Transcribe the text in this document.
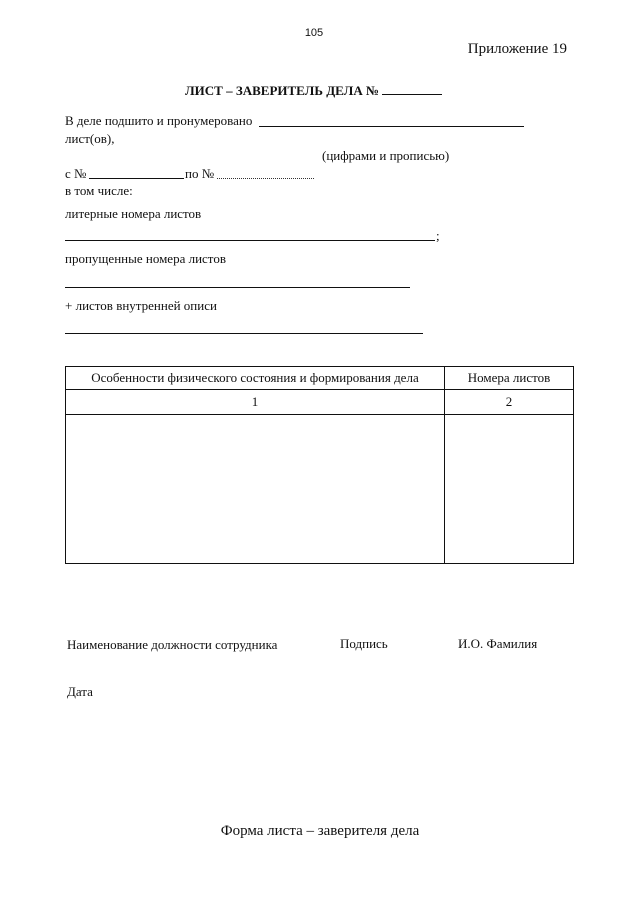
105
Приложение 19
ЛИСТ – ЗАВЕРИТЕЛЬ ДЕЛА №
В деле подшито и пронумеровано
лист(ов),
(цифрами и прописью)
с №	по №
в том числе:
литерные номера листов
;
пропущенные номера листов
+ листов внутренней описи
Особенности физического состояния и формирования дела	Номера листов
1	2

Наименование должности сотрудника	Подпись	И.О. Фамилия
Дата
Форма листа – заверителя дела
